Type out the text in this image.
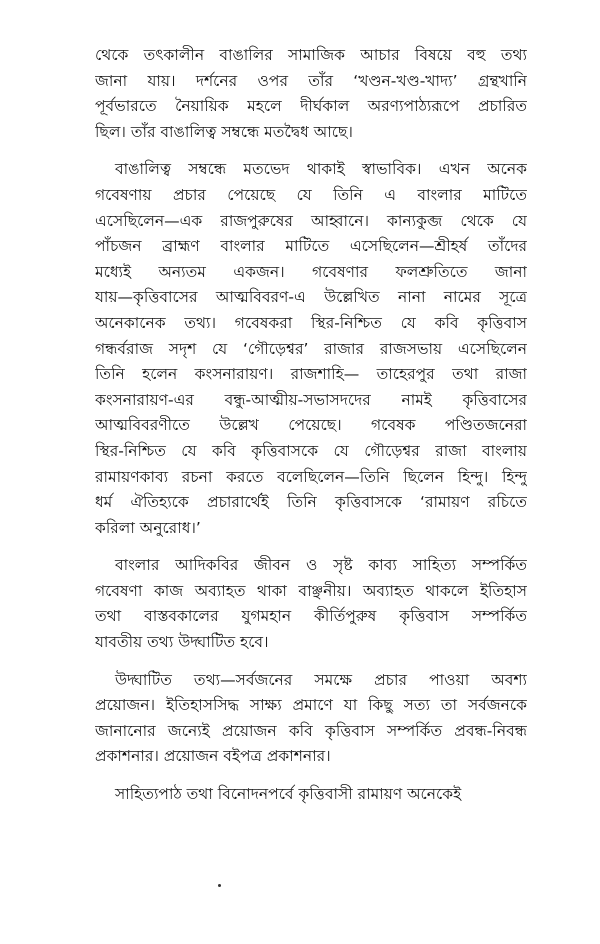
থেকে তৎকালীন বাঙালির সামাজিক আচার বিষয়ে বহু তথ্য
জানা যায়। দর্শনের ওপর তাঁর ‘খণ্ডন-খণ্ড-খাদ্য’ গ্রন্থখানি
পূর্বভারতে নৈয়ায়িক মহলে দীর্ঘকাল অরণ্যপাঠ্যরূপে প্রচারিত
ছিল। তাঁর বাঙালিত্ব সম্বন্ধে মতদ্বৈধ আছে।
বাঙালিত্ব সম্বন্ধে মতভেদ থাকাই স্বাভাবিক। এখন অনেক
গবেষণায় প্রচার পেয়েছে যে তিনি এ বাংলার মাটিতে
এসেছিলেন—এক রাজপুরুষের আহ্বানে। কান্যকুব্জ থেকে যে
পাঁচজন ব্রাহ্মণ বাংলার মাটিতে এসেছিলেন—শ্রীহর্ষ তাঁদের
মধ্যেই অন্যতম একজন। গবেষণার ফলশ্রুতিতে জানা
যায়—কৃত্তিবাসের আত্মবিবরণ-এ উল্লেখিত নানা নামের সূত্রে
অনেকানেক তথ্য। গবেষকরা স্থির-নিশ্চিত যে কবি কৃত্তিবাস
গন্ধর্বরাজ সদৃশ যে ‘গৌড়েশ্বর’ রাজার রাজসভায় এসেছিলেন
তিনি হলেন কংসনারায়ণ। রাজশাহি— তাহেরপুর তথা রাজা
কংসনারায়ণ-এর বন্ধু-আত্মীয়-সভাসদদের নামই কৃত্তিবাসের
আত্মবিবরণীতে উল্লেখ পেয়েছে। গবেষক পণ্ডিতজনেরা
স্থির-নিশ্চিত যে কবি কৃত্তিবাসকে যে গৌড়েশ্বর রাজা বাংলায়
রামায়ণকাব্য রচনা করতে বলেছিলেন—তিনি ছিলেন হিন্দু। হিন্দু
ধর্ম ঐতিহ্যকে প্রচারার্থেই তিনি কৃত্তিবাসকে ‘রামায়ণ রচিতে
করিলা অনুরোধ।’
বাংলার আদিকবির জীবন ও সৃষ্ট কাব্য সাহিত্য সম্পর্কিত
গবেষণা কাজ অব্যাহত থাকা বাঞ্ছনীয়। অব্যাহত থাকলে ইতিহাস
তথা বাস্তবকালের যুগমহান কীর্তিপুরুষ কৃত্তিবাস সম্পর্কিত
যাবতীয় তথ্য উদ্ঘাটিত হবে।
উদ্ঘাটিত তথ্য—সর্বজনের সমক্ষে প্রচার পাওয়া অবশ্য
প্রয়োজন। ইতিহাসসিদ্ধ সাক্ষ্য প্রমাণে যা কিছু সত্য তা সর্বজনকে
জানানোর জন্যেই প্রয়োজন কবি কৃত্তিবাস সম্পর্কিত প্রবন্ধ-নিবন্ধ
প্রকাশনার। প্রয়োজন বইপত্র প্রকাশনার।
সাহিত্যপাঠ তথা বিনোদনপর্বে কৃত্তিবাসী রামায়ণ অনেকেই
